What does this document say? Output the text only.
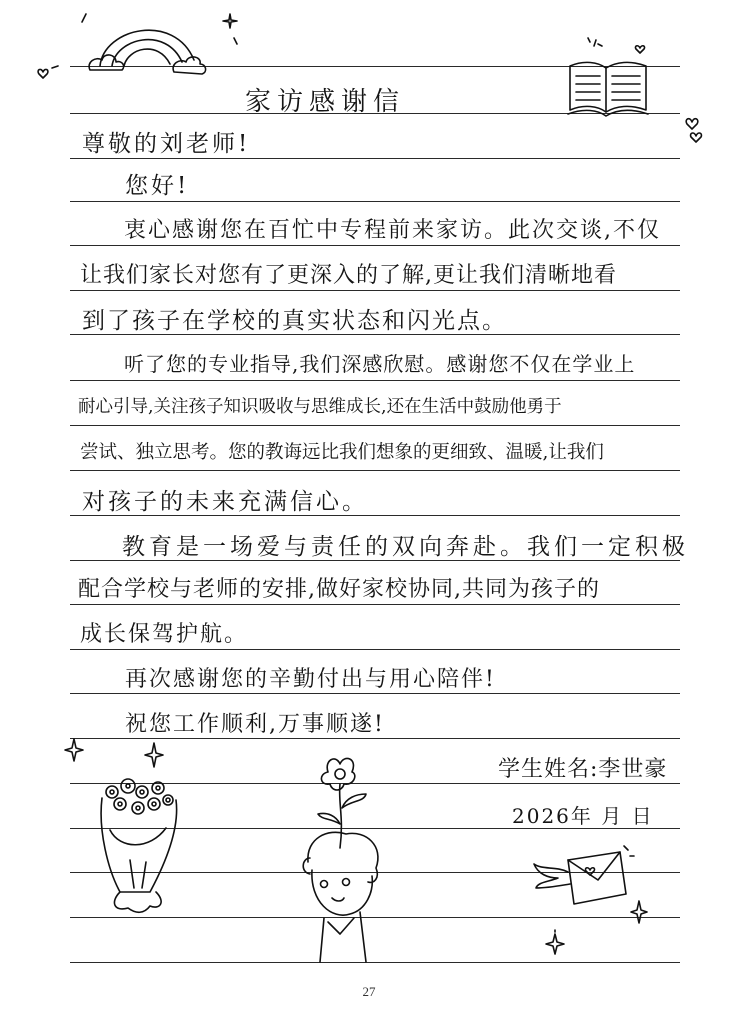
家访感谢信
尊敬的刘老师!
您好!
衷心感谢您在百忙中专程前来家访。此次交谈,不仅
让我们家长对您有了更深入的了解,更让我们清晰地看
到了孩子在学校的真实状态和闪光点。
听了您的专业指导,我们深感欣慰。感谢您不仅在学业上
耐心引导,关注孩子知识吸收与思维成长,还在生活中鼓励他勇于
尝试、独立思考。您的教诲远比我们想象的更细致、温暖,让我们
对孩子的未来充满信心。
教育是一场爱与责任的双向奔赴。我们一定积极
配合学校与老师的安排,做好家校协同,共同为孩子的
成长保驾护航。
再次感谢您的辛勤付出与用心陪伴!
祝您工作顺利,万事顺遂!
学生姓名:李世豪
2026年 月 日
27
